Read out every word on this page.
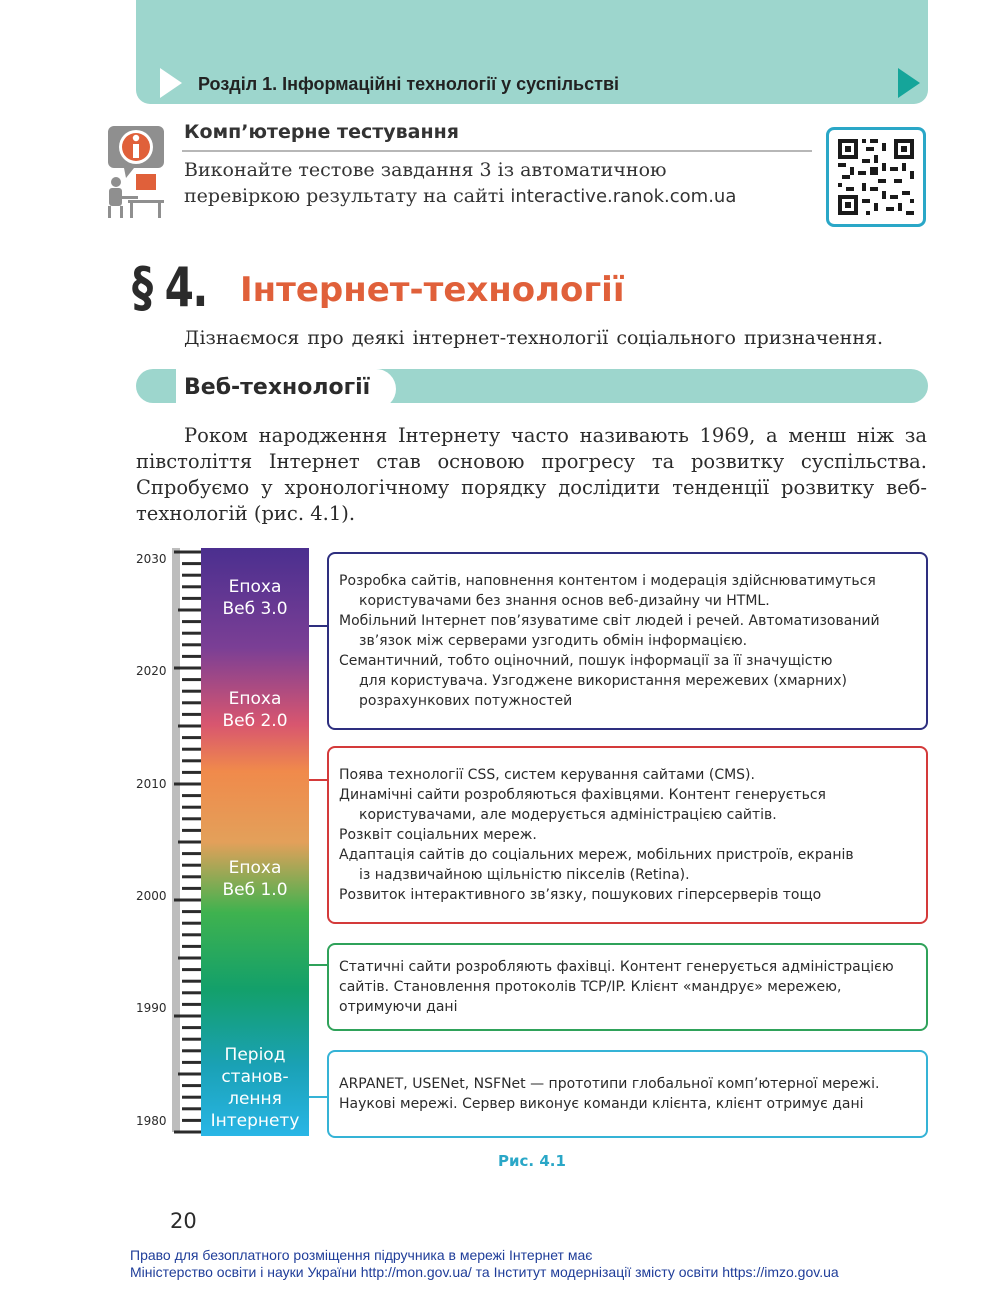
Розділ 1. Інформаційні технології у суспільстві
Комп’ютерне тестування
Виконайте тестове завдання 3 із автоматичною
перевіркою результату на сайті interactive.ranok.com.ua
§ 4. Інтернет-технології
Дізнаємося про деякі інтернет-технології соціального призначення.
Веб-технології
Роком народження Інтернету часто називають 1969, а менш ніж за півстоліття Інтернет став основою прогресу та розвитку суспільства. Спробуємо у хронологічному порядку дослідити тенденції розвитку веб-технологій (рис. 4.1).
2030
2020
2010
2000
1990
1980
Епоха
Веб 3.0
Епоха
Веб 2.0
Епоха
Веб 1.0
Період
станов-
лення
Інтернету
Розробка сайтів, наповнення контентом і модерація здійснюватимуться
користувачами без знання основ веб-дизайну чи HTML.
Мобільний Інтернет пов’язуватиме світ людей і речей. Автоматизований
зв’язок між серверами узгодить обмін інформацією.
Семантичний, тобто оціночний, пошук інформації за її значущістю
для користувача. Узгоджене використання мережевих (хмарних)
розрахункових потужностей
Поява технології CSS, систем керування сайтами (CMS).
Динамічні сайти розробляються фахівцями. Контент генерується
користувачами, але модерується адміністрацією сайтів.
Розквіт соціальних мереж.
Адаптація сайтів до соціальних мереж, мобільних пристроїв, екранів
із надзвичайною щільністю пікселів (Retina).
Розвиток інтерактивного зв’язку, пошукових гіперсерверів тощо
Статичні сайти розробляють фахівці. Контент генерується адміністрацією
сайтів. Становлення протоколів TCP/IP. Клієнт «мандрує» мережею,
отримуючи дані
ARPANET, USENet, NSFNet — прототипи глобальної комп’ютерної мережі.
Наукові мережі. Сервер виконує команди клієнта, клієнт отримує дані
Рис. 4.1
20
Право для безоплатного розміщення підручника в мережі Інтернет має
Міністерство освіти і науки України http://mon.gov.ua/ та Інститут модернізації змісту освіти https://imzo.gov.ua
